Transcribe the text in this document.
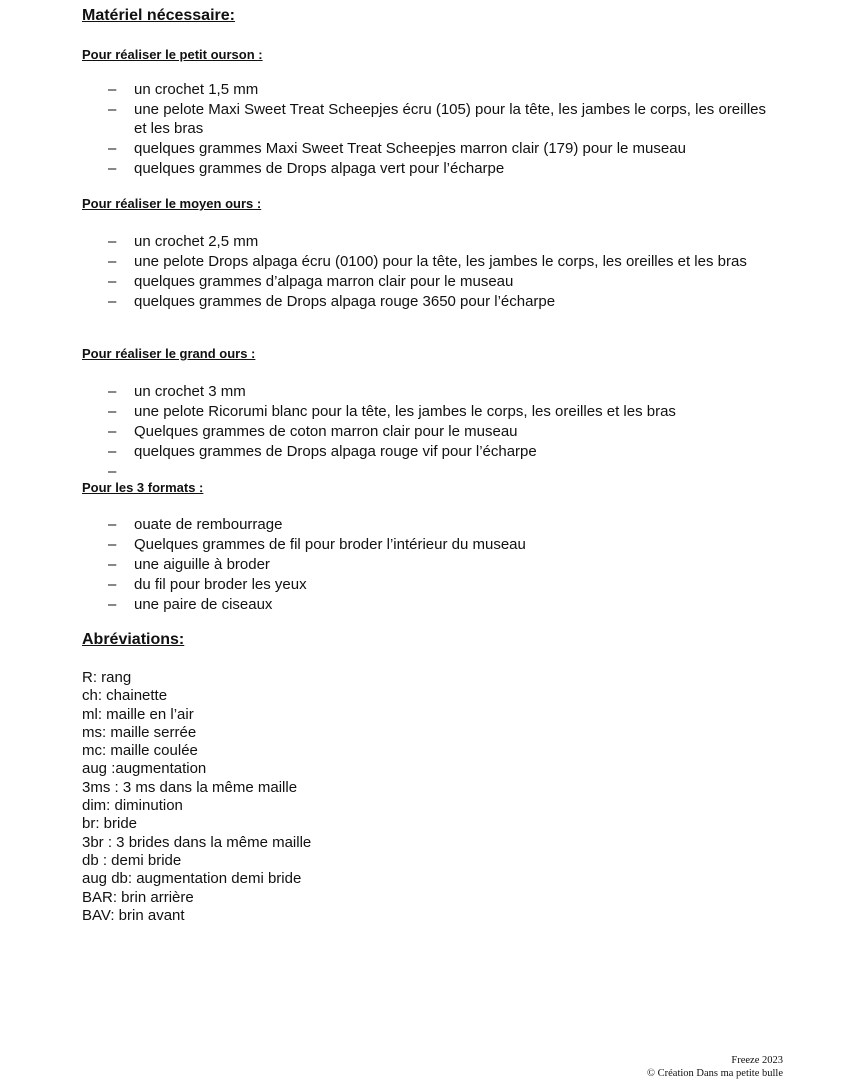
Matériel nécessaire:
Pour réaliser le petit ourson :
– un crochet 1,5 mm
– une pelote Maxi Sweet Treat Scheepjes écru (105) pour la tête, les jambes le corps, les oreilles et les bras
– quelques grammes Maxi Sweet Treat Scheepjes marron clair (179) pour le museau
– quelques grammes de Drops alpaga vert pour l’écharpe
Pour réaliser le moyen ours :
– un crochet 2,5 mm
– une pelote Drops alpaga écru (0100) pour la tête, les jambes le corps, les oreilles et les bras
– quelques grammes d’alpaga marron clair pour le museau
– quelques grammes de Drops alpaga rouge 3650 pour l’écharpe
Pour réaliser le grand ours :
– un crochet 3 mm
– une pelote Ricorumi blanc pour la tête, les jambes le corps, les oreilles et les bras
– Quelques grammes de coton marron clair pour le museau
– quelques grammes de Drops alpaga rouge vif pour l’écharpe
–
Pour les 3 formats :
– ouate de rembourrage
– Quelques grammes de fil pour broder l’intérieur du museau
– une aiguille à broder
– du fil pour broder les yeux
– une paire de ciseaux
Abréviations:
R: rang
ch: chainette
ml: maille en l’air
ms: maille serrée
mc: maille coulée
aug :augmentation
3ms : 3 ms dans la même maille
dim: diminution
br: bride
3br : 3 brides dans la même maille
db : demi bride
aug db: augmentation demi bride
BAR: brin arrière
BAV: brin avant
Freeze 2023
© Création Dans ma petite bulle
